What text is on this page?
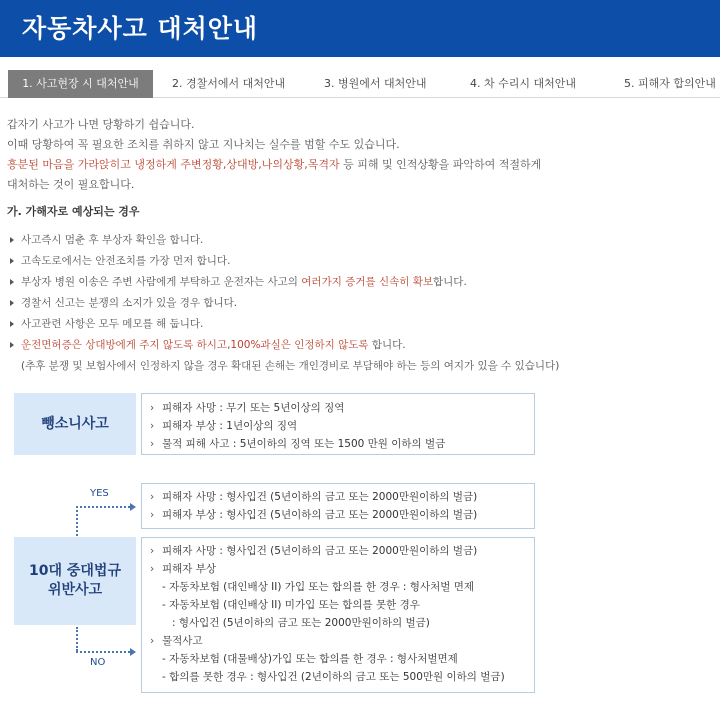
자동차사고 대처안내
1. 사고현장 시 대처안내	2. 경찰서에서 대처안내	3. 병원에서 대처안내	4. 차 수리시 대처안내	5. 피해자 합의안내

갑자기 사고가 나면 당황하기 쉽습니다.

이때 당황하여 꼭 필요한 조치를 취하지 않고 지나치는 실수를 범할 수도 있습니다.

흥분된 마음을 가라앉히고 냉정하게 주변정황,상대방,나의상황,목격자 등 피해 및 인적상황을 파악하여 적절하게

대처하는 것이 필요합니다.

가. 가해자로 예상되는 경우
사고즉시 멈춘 후 부상자 확인을 합니다.
고속도로에서는 안전조치를 가장 먼저 합니다.
부상자 병원 이송은 주변 사람에게 부탁하고 운전자는 사고의 여러가지 증거를 신속히 확보합니다.
경찰서 신고는 분쟁의 소지가 있을 경우 합니다.
사고관련 사항은 모두 메모를 해 둡니다.
운전면허증은 상대방에게 주지 않도록 하시고,100%과실은 인정하지 않도록 합니다.
(추후 분쟁 및 보험사에서 인정하지 않을 경우 확대된 손해는 개인경비로 부담해야 하는 등의 여지가 있을 수 있습니다)
뺑소니사고
› 피해자 사망 : 무기 또는 5년이상의 징역
› 피해자 부상 : 1년이상의 징역
› 물적 피해 사고 : 5년이하의 징역 또는 1500 만원 이하의 벌금
YES
›	피해자 사망 : 형사입건 (5년이하의 금고 또는 2000만원이하의 벌금)
› 피해자 부상 : 형사입건 (5년이하의 금고 또는 2000만원이하의 벌금)
10대 중대법규
위반사고
› 피해자 사망 : 형사입건 (5년이하의 금고 또는 2000만원이하의 벌금)
› 피해자 부상
- 자동차보험 (대인배상 II) 가입 또는 합의를 한 경우 : 형사처벌 면제
- 자동차보험 (대인배상 II) 미가입 또는 합의를 못한 경우
: 형사입건 (5년이하의 금고 또는 2000만원이하의 벌금)
› 물적사고
- 자동차보험 (대물배상)가입 또는 합의를 한 경우 : 형사처벌면제
- 합의를 못한 경우 : 형사입건 (2년이하의 금고 또는 500만원 이하의 벌금)
NO
